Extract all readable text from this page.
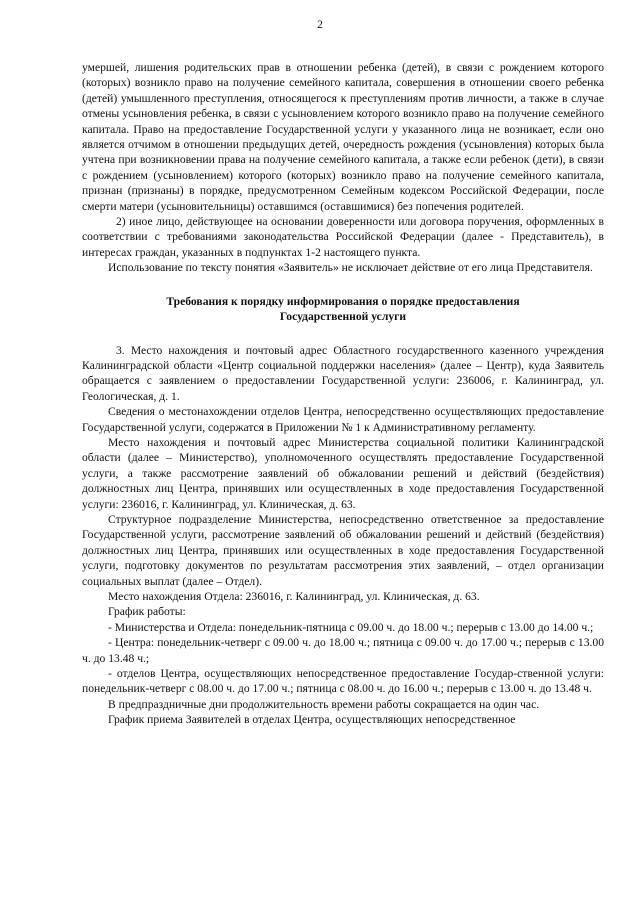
2

умершей, лишения родительских прав в отношении ребенка (детей), в связи с рождением которого (которых) возникло право на получение семейного капитала, совершения в отношении своего ребенка (детей) умышленного преступления, относящегося к преступлениям против личности, а также в случае отмены усыновления ребенка, в связи с усыновлением которого возникло право на получение семейного капитала. Право на предоставление Государственной услуги у указанного лица не возникает, если оно является отчимом в отношении предыдущих детей, очередность рождения (усыновления) которых была учтена при возникновении права на получение семейного капитала, а также если ребенок (дети), в связи с рождением (усыновлением) которого (которых) возникло право на получение семейного капитала, признан (признаны) в порядке, предусмотренном Семейным кодексом Российской Федерации, после смерти матери (усыновительницы) оставшимся (оставшимися) без попечения родителей.

2) иное лицо, действующее на основании доверенности или договора поручения, оформленных в соответствии с требованиями законодательства Российской Федерации (далее - Представитель), в интересах граждан, указанных в подпунктах 1-2 настоящего пункта.

Использование по тексту понятия «Заявитель» не исключает действие от его лица Представителя.

Требования к порядку информирования о порядке предоставления
Государственной услуги

3. Место нахождения и почтовый адрес Областного государственного казенного учреждения Калининградской области «Центр социальной поддержки населения» (далее – Центр), куда Заявитель обращается с заявлением о предоставлении Государственной услуги: 236006, г. Калининград, ул. Геологическая, д. 1.

Сведения о местонахождении отделов Центра, непосредственно осуществляющих предоставление Государственной услуги, содержатся в Приложении № 1 к Административному регламенту.

Место нахождения и почтовый адрес Министерства социальной политики Калининградской области (далее – Министерство), уполномоченного осуществлять предоставление Государственной услуги, а также рассмотрение заявлений об обжаловании решений и действий (бездействия) должностных лиц Центра, принявших или осуществленных в ходе предоставления Государственной услуги: 236016, г. Калининград, ул. Клиническая, д. 63.

Структурное подразделение Министерства, непосредственно ответственное за предоставление Государственной услуги, рассмотрение заявлений об обжаловании решений и действий (бездействия) должностных лиц Центра, принявших или осуществленных в ходе предоставления Государственной услуги, подготовку документов по результатам рассмотрения этих заявлений, – отдел организации социальных выплат (далее – Отдел).

Место нахождения Отдела: 236016, г. Калининград, ул. Клиническая, д. 63.

График работы:

- Министерства и Отдела: понедельник-пятница с 09.00 ч. до 18.00 ч.; перерыв с 13.00 до 14.00 ч.;

- Центра: понедельник-четверг с 09.00 ч. до 18.00 ч.; пятница с 09.00 ч. до 17.00 ч.; перерыв с 13.00 ч. до 13.48 ч.;

- отделов Центра, осуществляющих непосредственное предоставление Государ-ственной услуги: понедельник-четверг с 08.00 ч. до 17.00 ч.; пятница с 08.00 ч. до 16.00 ч.; перерыв с 13.00 ч. до 13.48 ч.

В предпраздничные дни продолжительность времени работы сокращается на один час.

График приема Заявителей в отделах Центра, осуществляющих непосредственное
